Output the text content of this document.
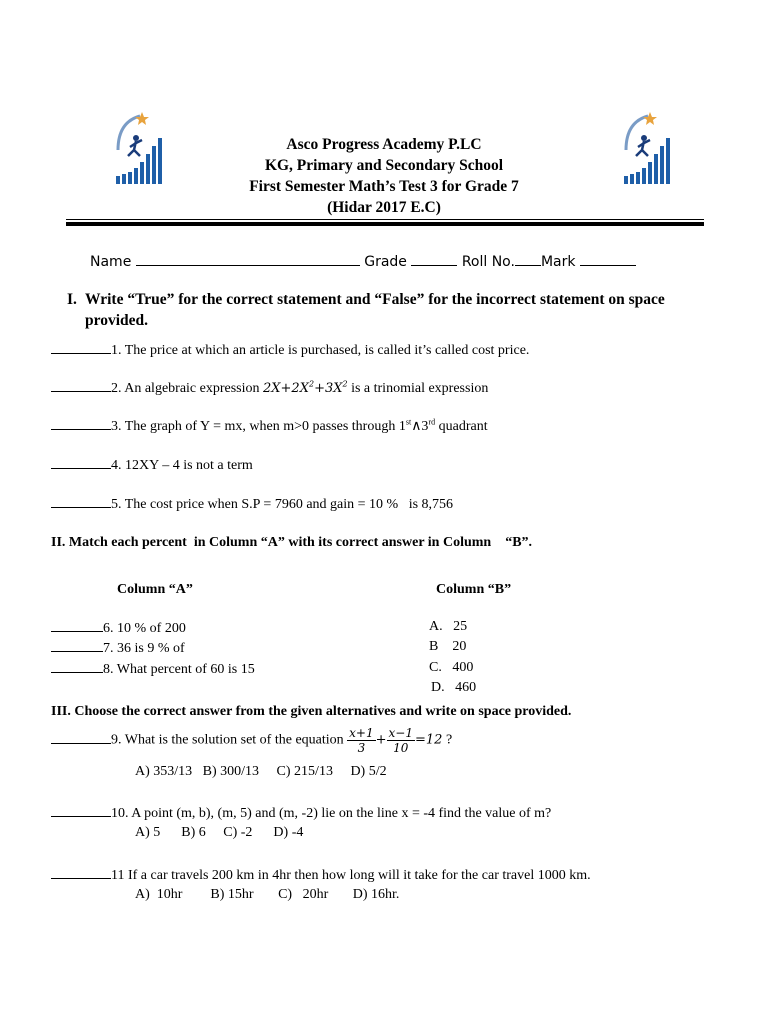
Asco Progress Academy P.LC
KG, Primary and Secondary School
First Semester Math’s Test 3 for Grade 7
(Hidar 2017 E.C)
Name	Grade	Roll No. Mark
I. Write “True” for the correct statement and “False” for the incorrect statement on space provided.
1. The price at which an article is purchased, is called it’s called cost price.
2. An algebraic expression $2X+2X^2+3X^2$ is a trinomial expression
3. The graph of Y = mx, when m>0 passes through 1st∧3rd quadrant
4. 12XY – 4 is not a term
5. The cost price when S.P = 7960 and gain = 10 %   is 8,756
II. Match each percent  in Column “A” with its correct answer in Column    “B”.
Column “A”	Column “B”
6. 10 % of 200
7. 36 is 9 % of
8. What percent of 60 is 15
A.   25
B    20
C.   400
D.   460
III. Choose the correct answer from the given alternatives and write on space provided.
9. What is the solution set of the equation $\frac{x+1}{3} + \frac{x-1}{10} =12$ ?
A) 353/13   B) 300/13     C) 215/13     D) 5/2
10. A point (m, b), (m, 5) and (m, -2) lie on the line x = -4 find the value of m?
A) 5      B) 6     C) -2      D) -4
11 If a car travels 200 km in 4hr then how long will it take for the car travel 1000 km.
A)  10hr        B) 15hr       C)   20hr       D) 16hr.
